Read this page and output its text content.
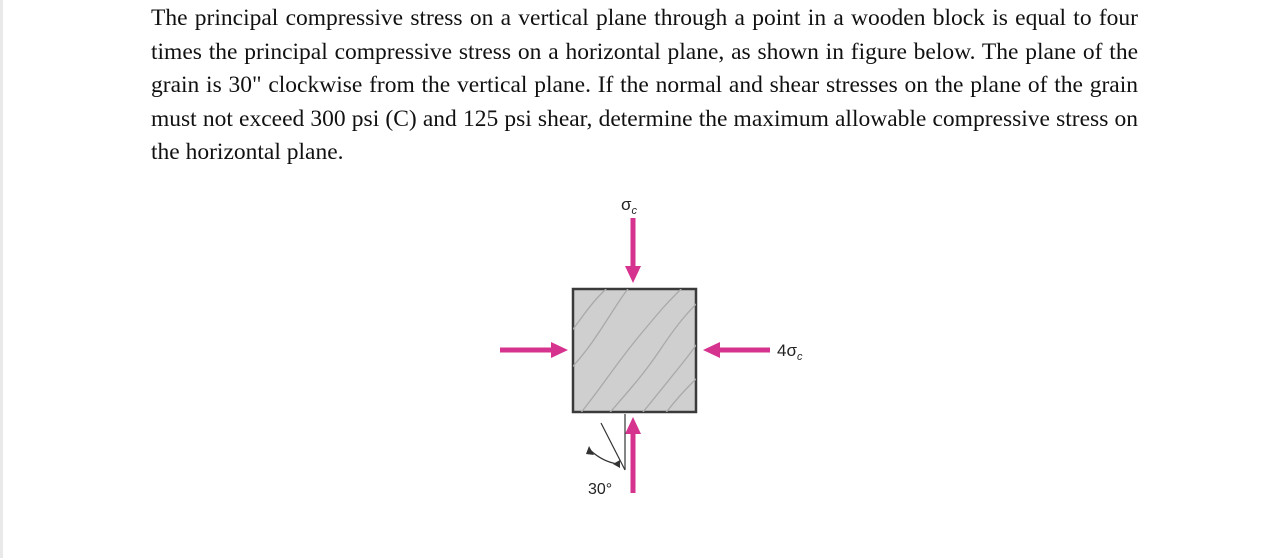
The principal compressive stress on a vertical plane through a point in a wooden block is equal to four times the principal compressive stress on a horizontal plane, as shown in figure below. The plane of the grain is 30" clockwise from the vertical plane. If the normal and shear stresses on the plane of the grain must not exceed 300 psi (C) and 125 psi shear, determine the maximum allowable compressive stress on the horizontal plane.

$\sigma_c$
$4\sigma_c$
30°
